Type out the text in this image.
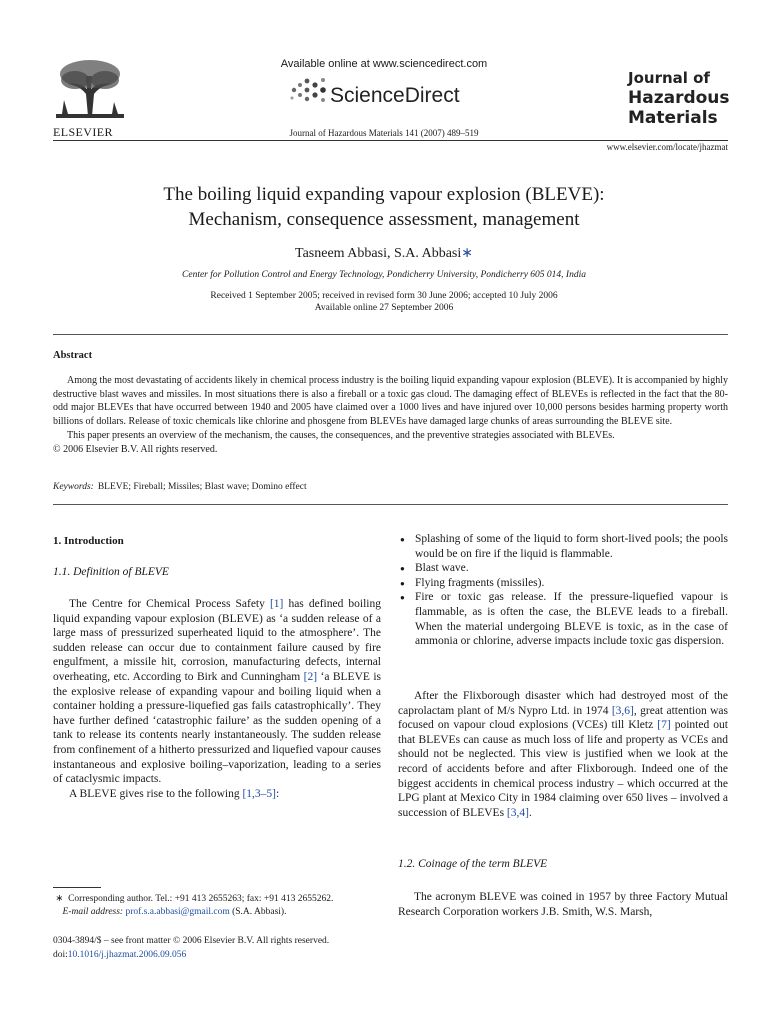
ELSEVIER
Available online at www.sciencedirect.com
ScienceDirect
Journal of Hazardous Materials 141 (2007) 489–519
Journal of
Hazardous
Materials
www.elsevier.com/locate/jhazmat
The boiling liquid expanding vapour explosion (BLEVE):
Mechanism, consequence assessment, management
Tasneem Abbasi, S.A. Abbasi∗
Center for Pollution Control and Energy Technology, Pondicherry University, Pondicherry 605 014, India
Received 1 September 2005; received in revised form 30 June 2006; accepted 10 July 2006
Available online 27 September 2006
Abstract

Among the most devastating of accidents likely in chemical process industry is the boiling liquid expanding vapour explosion (BLEVE). It is accompanied by highly destructive blast waves and missiles. In most situations there is also a fireball or a toxic gas cloud. The damaging effect of BLEVEs is reflected in the fact that the 80-odd major BLEVEs that have occurred between 1940 and 2005 have claimed over a 1000 lives and have injured over 10,000 persons besides harming property worth billions of dollars. Release of toxic chemicals like chlorine and phosgene from BLEVEs have damaged large chunks of areas surrounding the BLEVE site.

This paper presents an overview of the mechanism, the causes, the consequences, and the preventive strategies associated with BLEVEs.

© 2006 Elsevier B.V. All rights reserved.

Keywords: BLEVE; Fireball; Missiles; Blast wave; Domino effect
1. Introduction
1.1. Definition of BLEVE

The Centre for Chemical Process Safety [1] has defined boiling liquid expanding vapour explosion (BLEVE) as ‘a sudden release of a large mass of pressurized superheated liquid to the atmosphere’. The sudden release can occur due to containment failure caused by fire engulfment, a missile hit, corrosion, manufacturing defects, internal overheating, etc. According to Birk and Cunningham [2] ‘a BLEVE is the explosive release of expanding vapour and boiling liquid when a container holding a pressure-liquefied gas fails catastrophically’. They have further defined ‘catastrophic failure’ as the sudden opening of a tank to release its contents nearly instantaneously. The sudden release from confinement of a hitherto pressurized and liquefied vapour causes instantaneous and explosive boiling–vaporization, leading to a series of cataclysmic impacts.

A BLEVE gives rise to the following [1,3–5]:

● Splashing of some of the liquid to form short-lived pools; the pools would be on fire if the liquid is flammable.
● Blast wave.
● Flying fragments (missiles).
● Fire or toxic gas release. If the pressure-liquefied vapour is flammable, as is often the case, the BLEVE leads to a fireball. When the material undergoing BLEVE is toxic, as in the case of ammonia or chlorine, adverse impacts include toxic gas dispersion.

After the Flixborough disaster which had destroyed most of the caprolactam plant of M/s Nypro Ltd. in 1974 [3,6], great attention was focused on vapour cloud explosions (VCEs) till Kletz [7] pointed out that BLEVEs can cause as much loss of life and property as VCEs and should not be neglected. This view is justified when we look at the record of accidents before and after Flixborough. Indeed one of the biggest accidents in chemical process industry – which occurred at the LPG plant at Mexico City in 1984 claiming over 650 lives – involved a succession of BLEVEs [3,4].

1.2. Coinage of the term BLEVE

The acronym BLEVE was coined in 1957 by three Factory Mutual Research Corporation workers J.B. Smith, W.S. Marsh,

∗ Corresponding author. Tel.: +91 413 2655263; fax: +91 413 2655262.
E-mail address: prof.s.a.abbasi@gmail.com (S.A. Abbasi).
0304-3894/$ – see front matter © 2006 Elsevier B.V. All rights reserved.
doi:10.1016/j.jhazmat.2006.09.056
